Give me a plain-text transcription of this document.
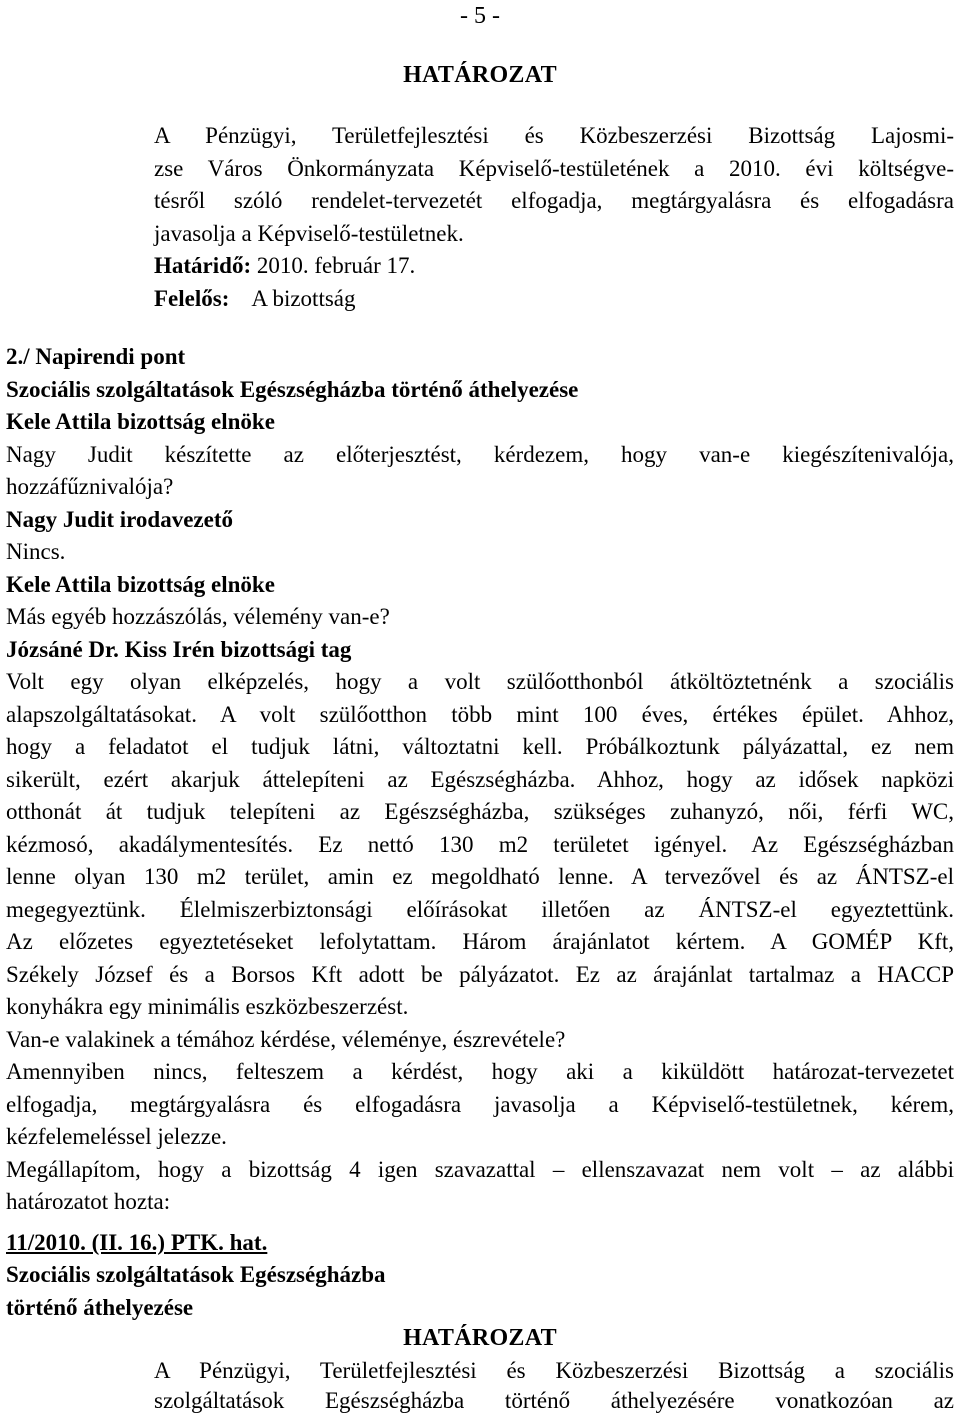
- 5 -
HATÁROZAT
A Pénzügyi, Területfejlesztési és Közbeszerzési Bizottság Lajosmi-
zse Város Önkormányzata Képviselő-testületének a 2010. évi költségve-
tésről szóló rendelet-tervezetét elfogadja, megtárgyalásra és elfogadásra
javasolja a Képviselő-testületnek.
Határidő: 2010. február 17.
Felelős: A bizottság
2./ Napirendi pont
Szociális szolgáltatások Egészségházba történő áthelyezése
Kele Attila bizottság elnöke
Nagy Judit készítette az előterjesztést, kérdezem, hogy van-e kiegészítenivalója,
hozzáfűznivalója?
Nagy Judit irodavezető
Nincs.
Kele Attila bizottság elnöke
Más egyéb hozzászólás, vélemény van-e?
Józsáné Dr. Kiss Irén bizottsági tag
Volt egy olyan elképzelés, hogy a volt szülőotthonból átköltöztetnénk a szociális
alapszolgáltatásokat. A volt szülőotthon több mint 100 éves, értékes épület. Ahhoz,
hogy a feladatot el tudjuk látni, változtatni kell. Próbálkoztunk pályázattal, ez nem
sikerült, ezért akarjuk áttelepíteni az Egészségházba. Ahhoz, hogy az idősek napközi
otthonát át tudjuk telepíteni az Egészségházba, szükséges zuhanyzó, női, férfi WC,
kézmosó, akadálymentesítés. Ez nettó 130 m2 területet igényel. Az Egészségházban
lenne olyan 130 m2 terület, amin ez megoldható lenne. A tervezővel és az ÁNTSZ-el
megegyeztünk. Élelmiszerbiztonsági előírásokat illetően az ÁNTSZ-el egyeztettünk.
Az előzetes egyeztetéseket lefolytattam. Három árajánlatot kértem. A GOMÉP Kft,
Székely József és a Borsos Kft adott be pályázatot. Ez az árajánlat tartalmaz a HACCP
konyhákra egy minimális eszközbeszerzést.
Van-e valakinek a témához kérdése, véleménye, észrevétele?
Amennyiben nincs, felteszem a kérdést, hogy aki a kiküldött határozat-tervezetet
elfogadja, megtárgyalásra és elfogadásra javasolja a Képviselő-testületnek, kérem,
kézfelemeléssel jelezze.
Megállapítom, hogy a bizottság 4 igen szavazattal – ellenszavazat nem volt – az alábbi
határozatot hozta:
11/2010. (II. 16.) PTK. hat.
Szociális szolgáltatások Egészségházba
történő áthelyezése
HATÁROZAT
A Pénzügyi, Területfejlesztési és Közbeszerzési Bizottság a szociális
szolgáltatások Egészségházba történő áthelyezésére vonatkozóan az
